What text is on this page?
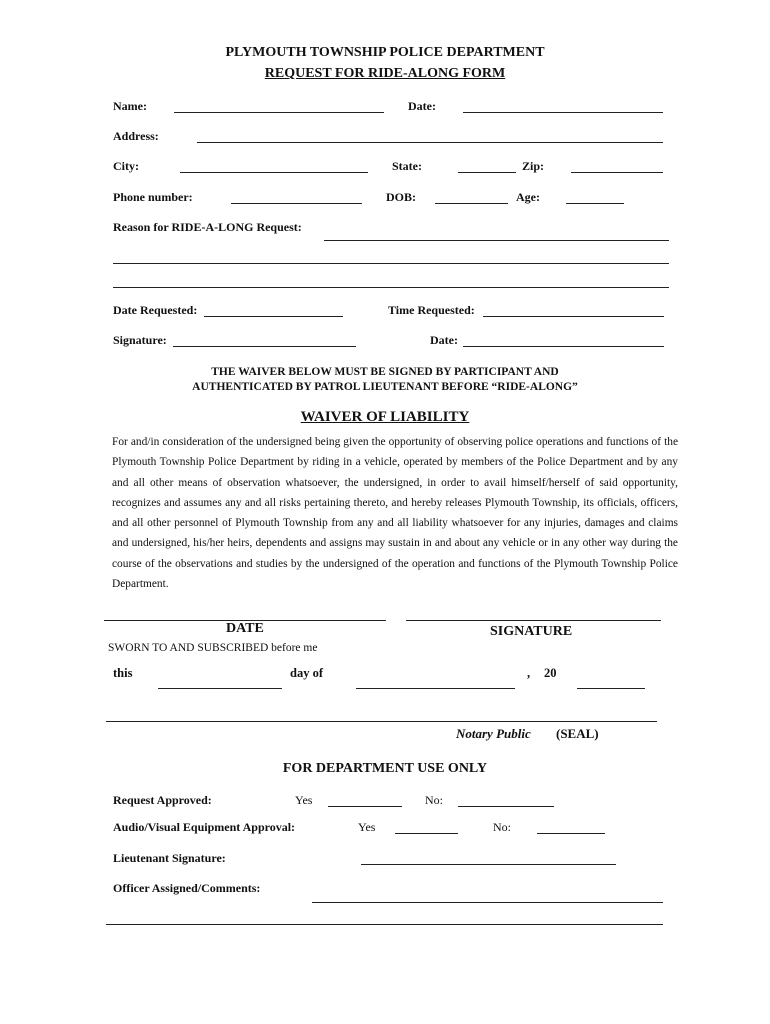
PLYMOUTH TOWNSHIP POLICE DEPARTMENT
REQUEST FOR RIDE-ALONG FORM
Name:	Date:
Address:
City:	State:	Zip:
Phone number:	DOB:	Age:
Reason for RIDE-A-LONG Request:
Date Requested:	Time Requested:
Signature:	Date:
THE WAIVER BELOW MUST BE SIGNED BY PARTICIPANT AND
AUTHENTICATED BY PATROL LIEUTENANT BEFORE “RIDE-ALONG”
WAIVER OF LIABILITY
For and/in consideration of the undersigned being given the opportunity of observing police operations and functions of the Plymouth Township Police Department by riding in a vehicle, operated by members of the Police Department and by any and all other means of observation whatsoever, the undersigned, in order to avail himself/herself of said opportunity, recognizes and assumes any and all risks pertaining thereto, and hereby releases Plymouth Township, its officials, officers, and all other personnel of Plymouth Township from any and all liability whatsoever for any injuries, damages and claims and undersigned, his/her heirs, dependents and assigns may sustain in and about any vehicle or in any other way during the course of the observations and studies by the undersigned of the operation and functions of the Plymouth Township Police Department.
DATE	SIGNATURE
SWORN TO AND SUBSCRIBED before me
this	day of	, 20
Notary Public (SEAL)
FOR DEPARTMENT USE ONLY
Request Approved:	Yes	No:
Audio/Visual Equipment Approval:	Yes	No:
Lieutenant Signature:
Officer Assigned/Comments:
